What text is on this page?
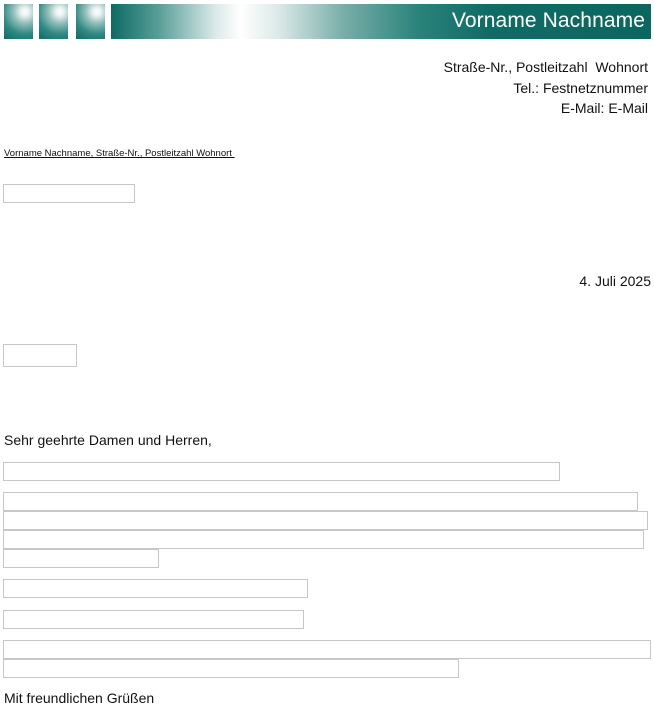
Vorname Nachname
Straße-Nr., Postleitzahl  Wohnort
Tel.: Festnetznummer
E-Mail: E-Mail
Vorname Nachname, Straße-Nr., Postleitzahl Wohnort
4. Juli 2025
Sehr geehrte Damen und Herren,
Mit freundlichen Grüßen
